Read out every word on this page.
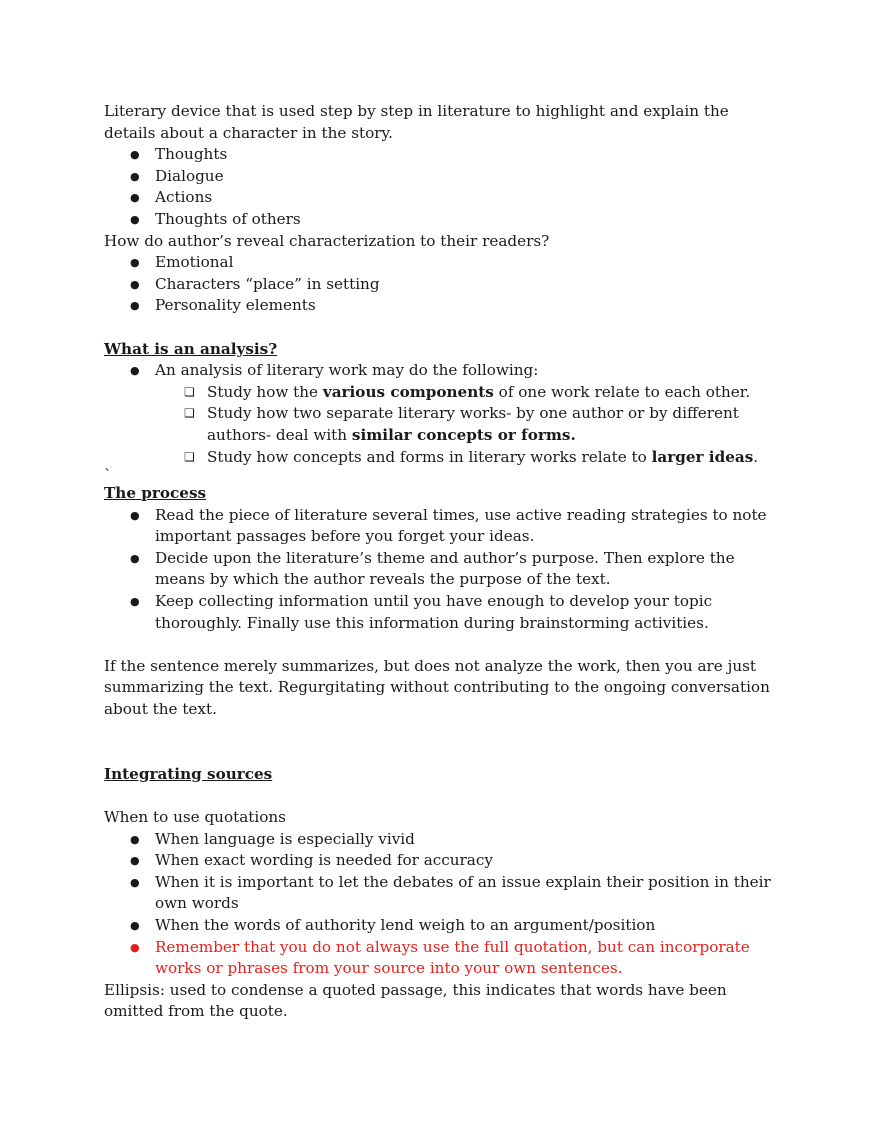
Literary device that is used step by step in literature to highlight and explain the details about a character in the story.

● Thoughts
● Dialogue
● Actions
● Thoughts of others

How do author’s reveal characterization to their readers?

● Emotional
● Characters “place” in setting
● Personality elements

What is an analysis?

● An analysis of literary work may do the following:
❏ Study how the various components of one work relate to each other.
❏ Study how two separate literary works- by one author or by different authors- deal with similar concepts or forms.
❏ Study how concepts and forms in literary works relate to larger ideas.

`

The process

● Read the piece of literature several times, use active reading strategies to note important passages before you forget your ideas.
● Decide upon the literature’s theme and author’s purpose. Then explore the means by which the author reveals the purpose of the text.
● Keep collecting information until you have enough to develop your topic thoroughly. Finally use this information during brainstorming activities.

If the sentence merely summarizes, but does not analyze the work, then you are just summarizing the text. Regurgitating without contributing to the ongoing conversation about the text.

Integrating sources

When to use quotations

● When language is especially vivid
● When exact wording is needed for accuracy
● When it is important to let the debates of an issue explain their position in their own words
● When the words of authority lend weigh to an argument/position
● Remember that you do not always use the full quotation, but can incorporate works or phrases from your source into your own sentences.

Ellipsis: used to condense a quoted passage, this indicates that words have been omitted from the quote.
